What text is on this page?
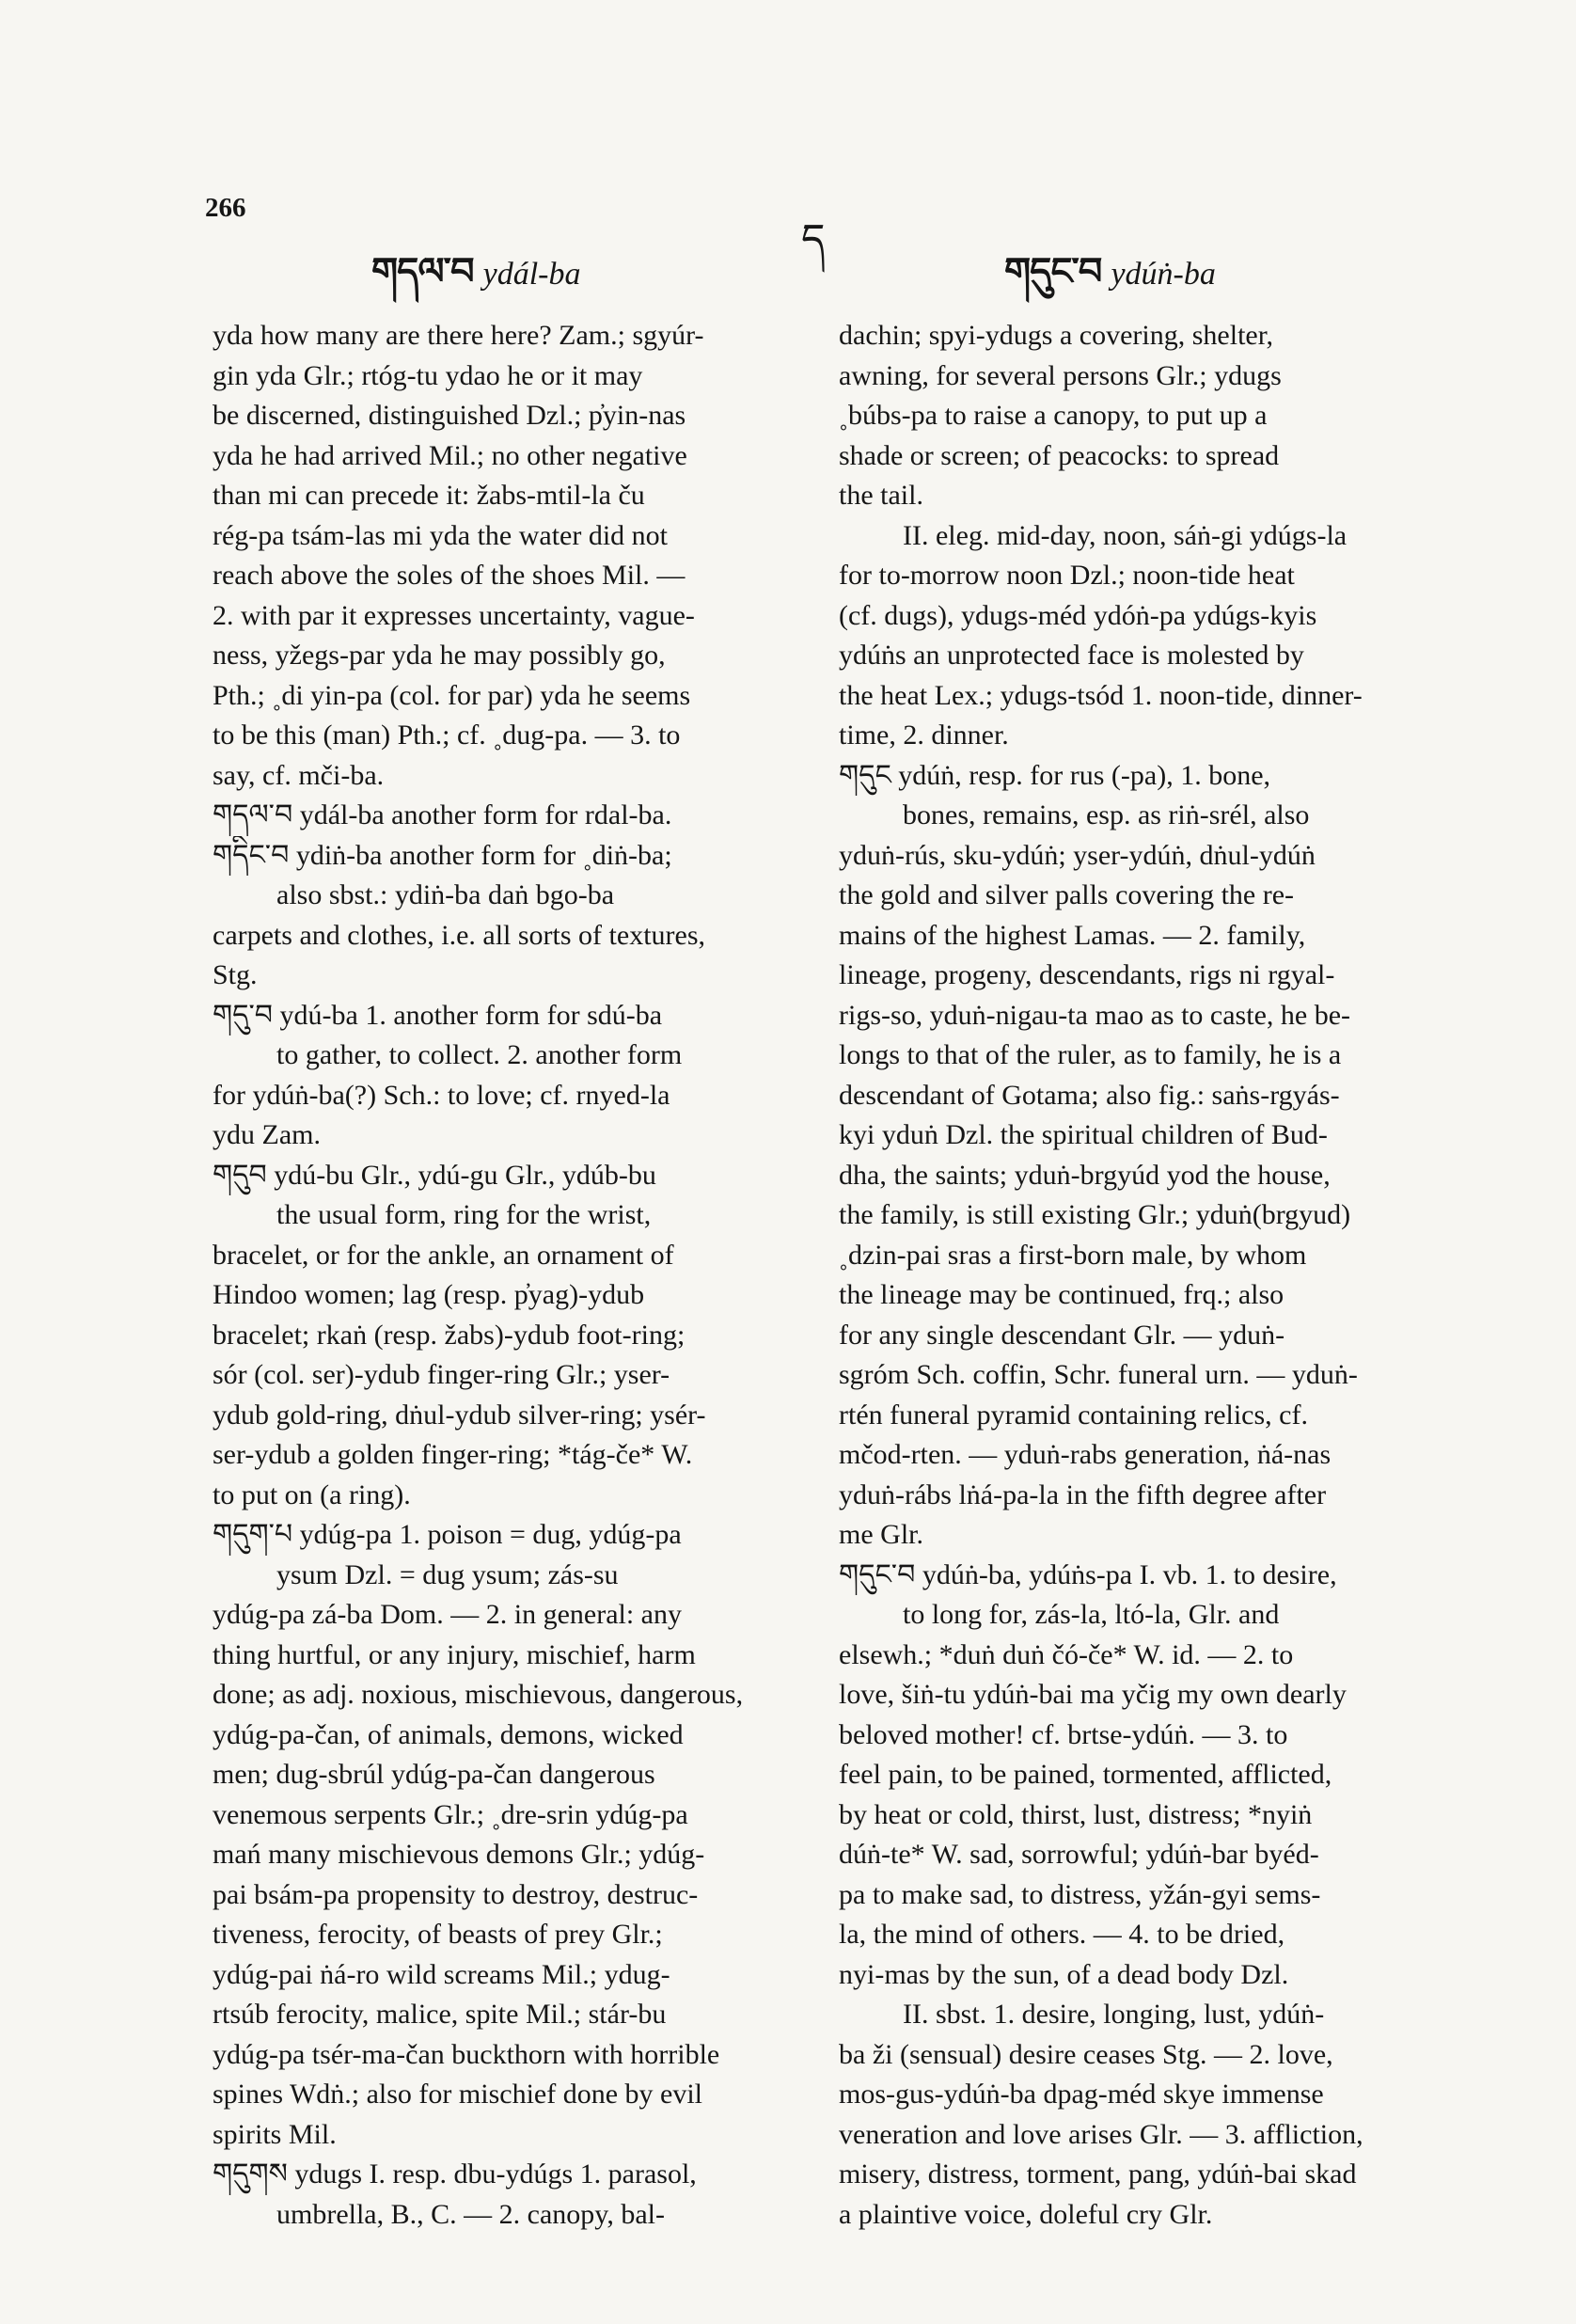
266
གདལ་བ ydál-ba
ད
གདུང་བ ydúṅ-ba
yda how many are there here? Zam.; sgyúr-
gin yda Glr.; rtóg-tu ydao he or it may
be discerned, distinguished Dzl.; p̓yin-nas
yda he had arrived Mil.; no other negative
than mi can precede it: žabs-mtil-la ču
rég-pa tsám-las mi yda the water did not
reach above the soles of the shoes Mil. —
2. with par it expresses uncertainty, vague-
ness, yžegs-par yda he may possibly go,
Pth.; ˳di yin-pa (col. for par) yda he seems
to be this (man) Pth.; cf. ˳dug-pa. — 3. to
say, cf. mči-ba.
གདལ་བ ydál-ba another form for rdal-ba.
གདིང་བ ydiṅ-ba another form for ˳diṅ-ba;
also sbst.: ydiṅ-ba daṅ bgo-ba
carpets and clothes, i.e. all sorts of textures,
Stg.
གདུ་བ ydú-ba 1. another form for sdú-ba
to gather, to collect. 2. another form
for ydúṅ-ba(?) Sch.: to love; cf. rnyed-la
ydu Zam.
གདུབ ydú-bu Glr., ydú-gu Glr., ydúb-bu
the usual form, ring for the wrist,
bracelet, or for the ankle, an ornament of
Hindoo women; lag (resp. p̓yag)-ydub
bracelet; rkaṅ (resp. žabs)-ydub foot-ring;
sór (col. ser)-ydub finger-ring Glr.; yser-
ydub gold-ring, dṅul-ydub silver-ring; ysér-
ser-ydub a golden finger-ring; *tág-če* W.
to put on (a ring).
གདུག་པ ydúg-pa 1. poison = dug, ydúg-pa
ysum Dzl. = dug ysum; zás-su
ydúg-pa zá-ba Dom. — 2. in general: any
thing hurtful, or any injury, mischief, harm
done; as adj. noxious, mischievous, dangerous,
ydúg-pa-čan, of animals, demons, wicked
men; dug-sbrúl ydúg-pa-čan dangerous
venemous serpents Glr.; ˳dre-srin ydúg-pa
mań many mischievous demons Glr.; ydúg-
pai bsám-pa propensity to destroy, destruc-
tiveness, ferocity, of beasts of prey Glr.;
ydúg-pai ṅá-ro wild screams Mil.; ydug-
rtsúb ferocity, malice, spite Mil.; stár-bu
ydúg-pa tsér-ma-čan buckthorn with horrible
spines Wdṅ.; also for mischief done by evil
spirits Mil.
གདུགས ydugs I. resp. dbu-ydúgs 1. parasol,
umbrella, B., C. — 2. canopy, bal-
dachin; spyi-ydugs a covering, shelter,
awning, for several persons Glr.; ydugs
˳búbs-pa to raise a canopy, to put up a
shade or screen; of peacocks: to spread
the tail.
II. eleg. mid-day, noon, sáṅ-gi ydúgs-la
for to-morrow noon Dzl.; noon-tide heat
(cf. dugs), ydugs-méd ydóṅ-pa ydúgs-kyis
ydúṅs an unprotected face is molested by
the heat Lex.; ydugs-tsód 1. noon-tide, dinner-
time, 2. dinner.
གདུང ydúṅ, resp. for rus (-pa), 1. bone,
bones, remains, esp. as riṅ-srél, also
yduṅ-rús, sku-ydúṅ; yser-ydúṅ, dṅul-ydúṅ
the gold and silver palls covering the re-
mains of the highest Lamas. — 2. family,
lineage, progeny, descendants, rigs ni rgyal-
rigs-so, yduṅ-nigau-ta mao as to caste, he be-
longs to that of the ruler, as to family, he is a
descendant of Gotama; also fig.: saṅs-rgyás-
kyi yduṅ Dzl. the spiritual children of Bud-
dha, the saints; yduṅ-brgyúd yod the house,
the family, is still existing Glr.; yduṅ(brgyud)
˳dzin-pai sras a first-born male, by whom
the lineage may be continued, frq.; also
for any single descendant Glr. — yduṅ-
sgróm Sch. coffin, Schr. funeral urn. — yduṅ-
rtén funeral pyramid containing relics, cf.
mčod-rten. — yduṅ-rabs generation, ṅá-nas
yduṅ-rábs lṅá-pa-la in the fifth degree after
me Glr.
གདུང་བ ydúṅ-ba, ydúṅs-pa I. vb. 1. to desire,
to long for, zás-la, ltó-la, Glr. and
elsewh.; *duṅ duṅ čó-če* W. id. — 2. to
love, šiṅ-tu ydúṅ-bai ma yčig my own dearly
beloved mother! cf. brtse-ydúṅ. — 3. to
feel pain, to be pained, tormented, afflicted,
by heat or cold, thirst, lust, distress; *nyiṅ
dúṅ-te* W. sad, sorrowful; ydúṅ-bar byéd-
pa to make sad, to distress, yžán-gyi sems-
la, the mind of others. — 4. to be dried,
nyi-mas by the sun, of a dead body Dzl.
II. sbst. 1. desire, longing, lust, ydúṅ-
ba ži (sensual) desire ceases Stg. — 2. love,
mos-gus-ydúṅ-ba dpag-méd skye immense
veneration and love arises Glr. — 3. affliction,
misery, distress, torment, pang, ydúṅ-bai skad
a plaintive voice, doleful cry Glr.
